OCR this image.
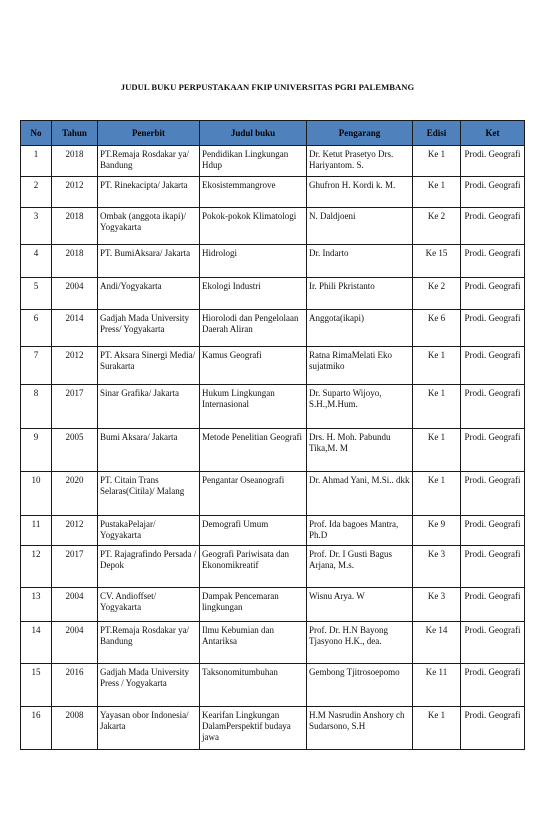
JUDUL BUKU PERPUSTAKAAN FKIP UNIVERSITAS PGRI PALEMBANG
No	Tahun	Penerbit	Judul buku	Pengarang	Edisi	Ket
1	2018	PT.Remaja Rosdakar ya/ Bandung	Pendidikan Lingkungan Hdup	Dr. Ketut Prasetyo Drs. Hariyantom. S.	Ke 1	Prodi. Geografi
2	2012	PT. Rinekacipta/ Jakarta	Ekosistemmangrove	Ghufron H. Kordi k. M.	Ke 1	Prodi. Geografi
3	2018	Ombak (anggota ikapi)/ Yogyakarta	Pokok-pokok Klimatologi	N. Daldjoeni	Ke 2	Prodi. Geografi
4	2018	PT. BumiAksara/ Jakarta	Hidrologi	Dr. Indarto	Ke 15	Prodi. Geografi
5	2004	Andi/Yogyakarta	Ekologi Industri	Ir. Phili Pkristanto	Ke 2	Prodi. Geografi
6	2014	Gadjah Mada University Press/ Yogyakarta	Hiorolodi dan Pengelolaan Daerah Aliran	Anggota(ikapi)	Ke 6	Prodi. Geografi
7	2012	PT. Aksara Sinergi Media/ Surakarta	Kamus Geografi	Ratna RimaMelati Eko sujatmiko	Ke 1	Prodi. Geografi
8	2017	Sinar Grafika/ Jakarta	Hukum Lingkungan Internasional	Dr. Suparto Wijoyo, S.H.,M.Hum.	Ke 1	Prodi. Geografi
9	2005	Bumi Aksara/ Jakarta	Metode Penelitian Geografi	Drs. H. Moh. Pabundu Tika,M. M	Ke 1	Prodi. Geografi
10	2020	PT. Citain Trans Selaras(Citila)/ Malang	Pengantar Oseanografi	Dr. Ahmad Yani, M.Si.. dkk	Ke 1	Prodi. Geografi
11	2012	PustakaPelajar/ Yogyakarta	Demografi Umum	Prof. Ida bagoes Mantra, Ph.D	Ke 9	Prodi. Geografi
12	2017	PT. Rajagrafindo Persada / Depok	Geografi Pariwisata dan Ekonomikreatif	Prof. Dr. I Gusti Bagus Arjana, M.s.	Ke 3	Prodi. Geografi
13	2004	CV. Andioffset/ Yogyakarta	Dampak Pencemaran lingkungan	Wisnu Arya. W	Ke 3	Prodi. Geografi
14	2004	PT.Remaja Rosdakar ya/ Bandung	Ilmu Kebumian dan Antariksa	Prof. Dr. H.N Bayong Tjasyono H.K., dea.	Ke 14	Prodi. Geografi
15	2016	Gadjah Mada University Press / Yogyakarta	Taksonomitumbuhan	Gembong Tjitrosoepomo	Ke 11	Prodi. Geografi
16	2008	Yayasan obor Indonesia/ Jakarta	Kearifan Lingkungan DalamPerspektif budaya jawa	H.M Nasrudin Anshory ch Sudarsono, S.H	Ke 1	Prodi. Geografi
